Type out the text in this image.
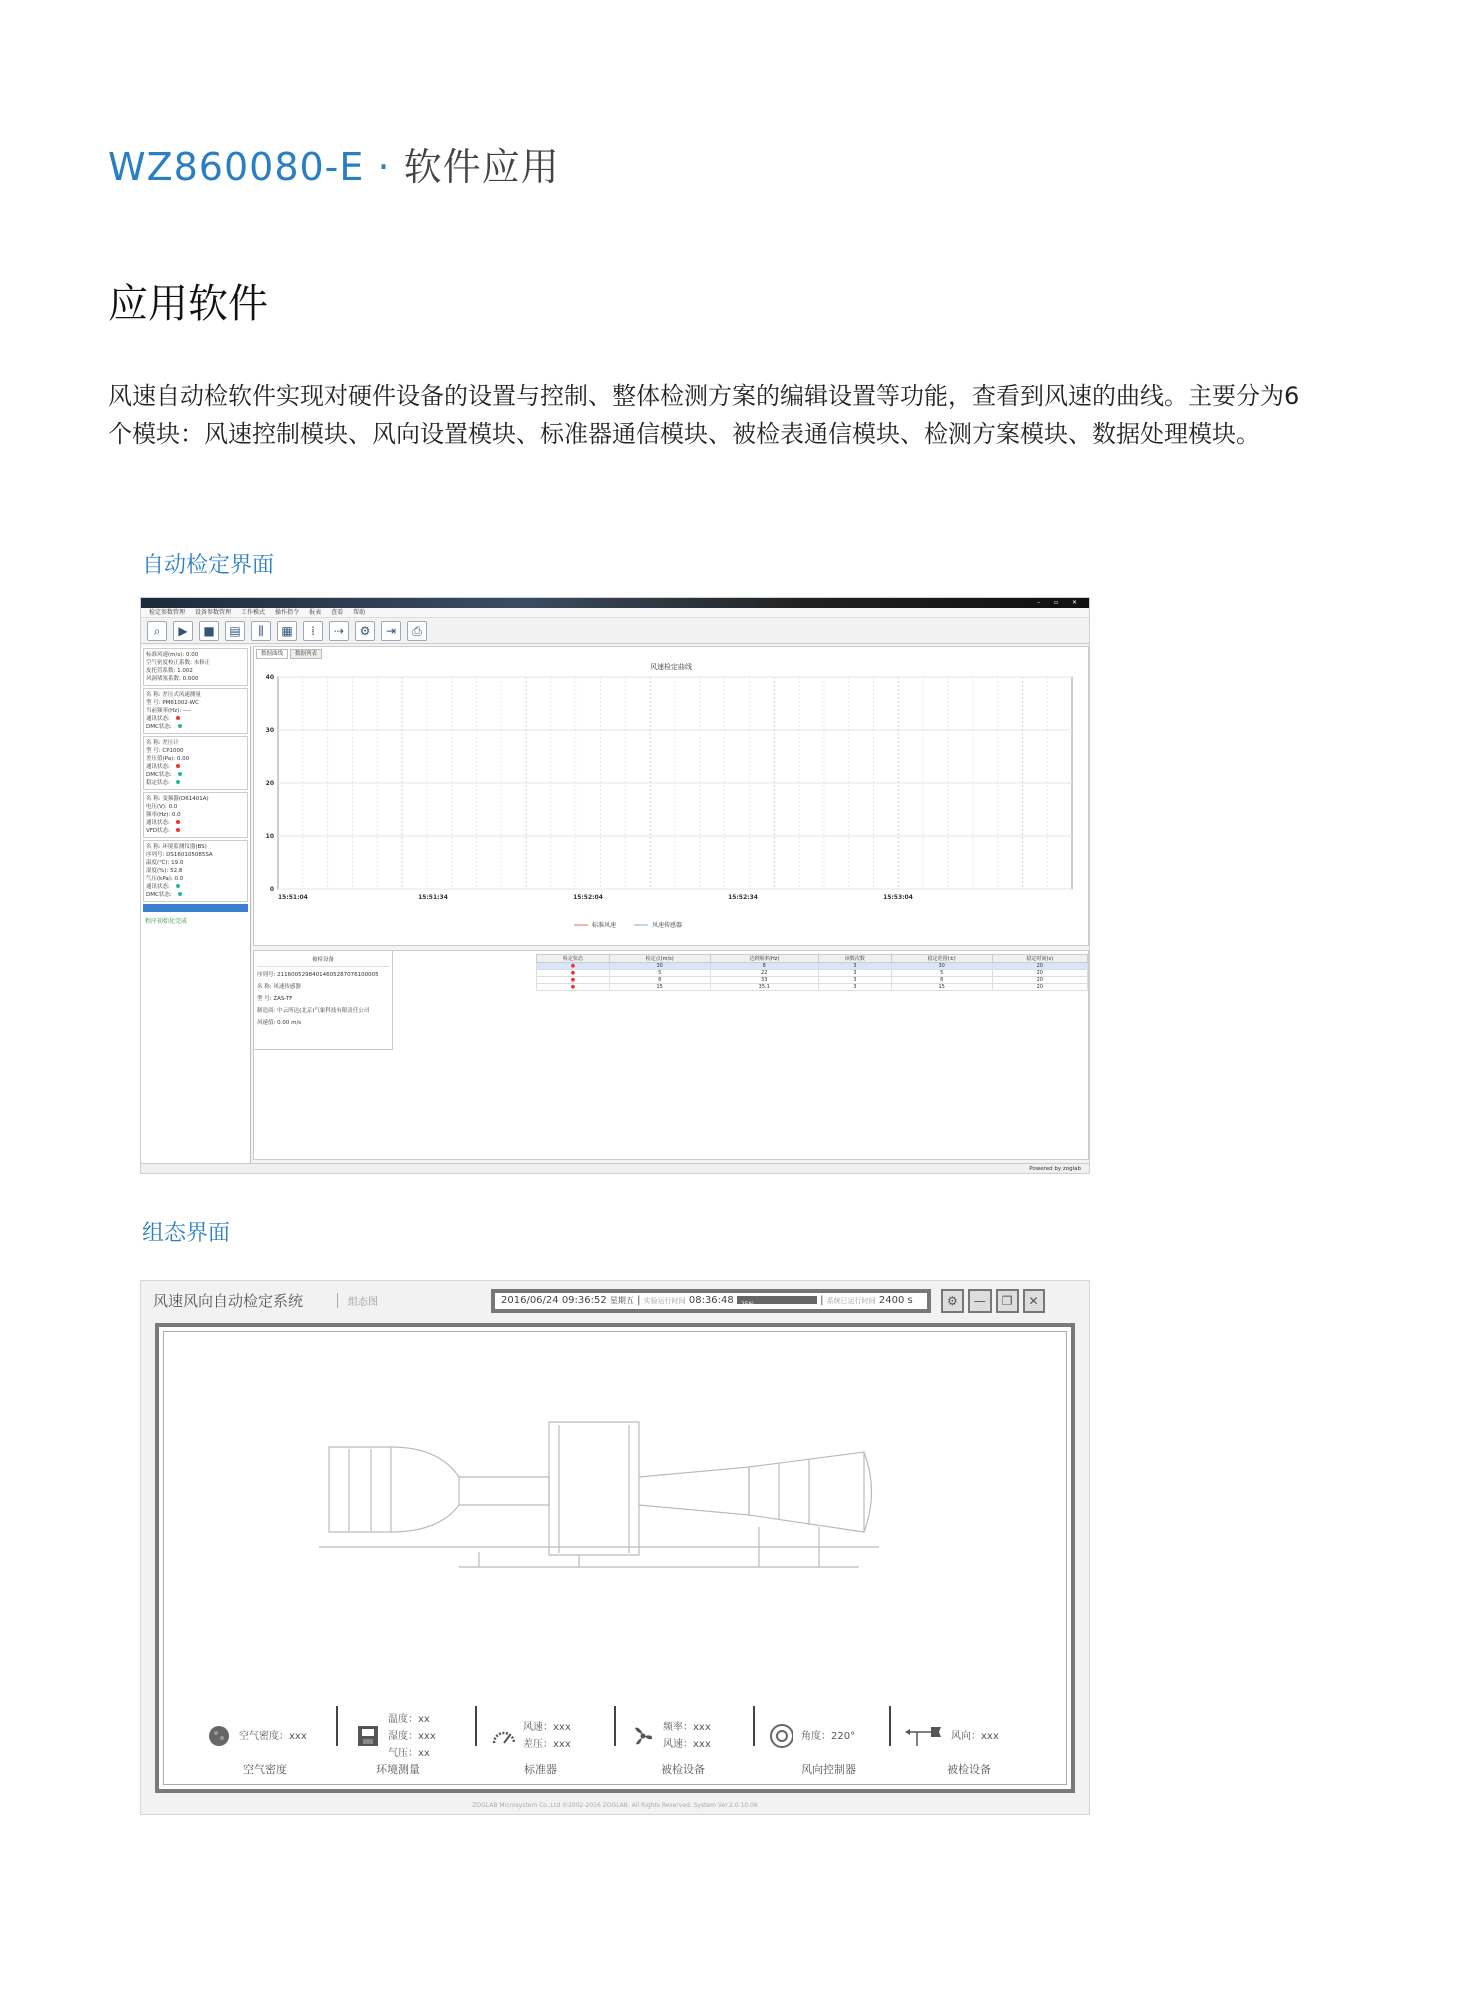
WZ860080-E · 软件应用
应用软件

风速自动检软件实现对硬件设备的设置与控制、整体检测方案的编辑设置等功能，查看到风速的曲线。主要分为6个模块：风速控制模块、风向设置模块、标准器通信模块、被检表通信模块、检测方案模块、数据处理模块。

自动检定界面
– ▫ ✕
检定参数管理 设备参数管理 工作模式 操作指令 报表 查看 帮助
⌕	▶	■	▤	⫼	▦	⁞	⇢	⚙	⇥	⎙
标准风速(m/s): 0.00
空气密度校正系数: 未修正
皮托管系数: 1.002
风洞堵塞系数: 0.000
名 称: 差压式风速测量
型 号: PM61002-WC
当前频率(Hz): ----
通讯状态:
DMC状态:
名 称: 差压计
型 号: CP1000
差压值(Pa): 0.00
通讯状态:
DMC状态:
稳定状态:
名 称: 变频器(D61401A)
电压(V): 0.0
频率(Hz): 0.0
通讯状态:
VFD状态:
名 称: 环境监测仪器(BS)
序列号: DS160105085SA
温度(℃): 19.0
湿度(%): 52.8
气压(kPa): 0.0
通讯状态:
DMC状态:
程序初始化完成
数据曲线	数据列表
风速检定曲线
0
10
20
30
40
15:51:04	15:51:34	15:52:04	15:52:34	15:53:04
标准风速	风速传感器
被检设备
序列号: 21160052984014605287076100005
名 称: 风速传感器
型 号: ZAS-TF
制造商: 中云所达(北京)气象科技有限责任公司
风速值: 0.00 m/s
检定状态	检定点(m/s)	达到频率(Hz)	读数次数	稳定范围(±)	稳定时间(s)
●	30	8	3	30	20
●	5	22	3	5	20
●	8	33	3	8	20
●	15	35.1	3	15	20
Powered by zoglab
组态界面
风速风向自动检定系统	组态图	2016/06/24 09:36:52 星期五 | 实验运行时间 08:36:48 25%	| 系统已运行时间 2400 s	⚙	—	❐	✕
空气密度：xxx
温度：xx
湿度：xxx
气压：xx
风速：xxx
差压：xxx
频率：xxx
风速：xxx
角度：220°	风向：xxx
空气密度	环境测量	标准器	被检设备	风向控制器	被检设备
ZOGLAB Microsystem Co.,Ltd ©2002-2016 ZOGLAB. All Rights Reserved. System Ver.2.0.10.06
